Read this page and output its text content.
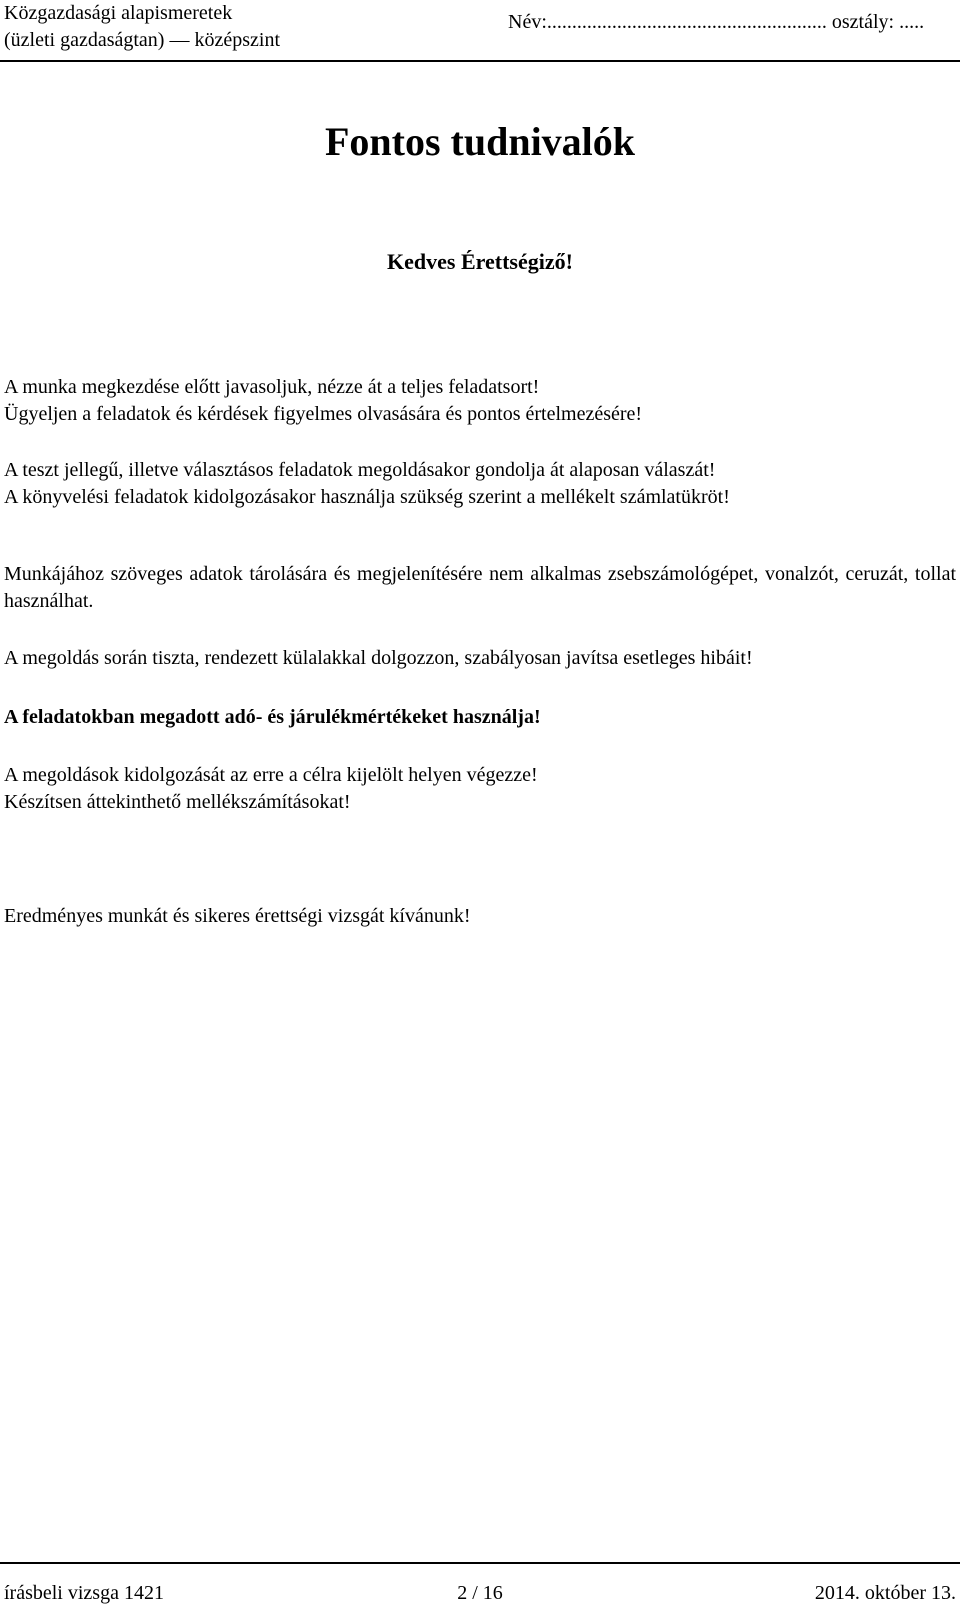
Közgazdasági alapismeretek
(üzleti gazdaságtan) — középszint
Név:........................................................ osztály: .....
Fontos tudnivalók
Kedves Érettségiző!
A munka megkezdése előtt javasoljuk, nézze át a teljes feladatsort!
Ügyeljen a feladatok és kérdések figyelmes olvasására és pontos értelmezésére!
A teszt jellegű, illetve választásos feladatok megoldásakor gondolja át alaposan válaszát!
A könyvelési feladatok kidolgozásakor használja szükség szerint a mellékelt számlatükröt!
Munkájához szöveges adatok tárolására és megjelenítésére nem alkalmas zsebszámológépet, vonalzót, ceruzát, tollat használhat.
A megoldás során tiszta, rendezett külalakkal dolgozzon, szabályosan javítsa esetleges hibáit!
A feladatokban megadott adó- és járulékmértékeket használja!
A megoldások kidolgozását az erre a célra kijelölt helyen végezze!
Készítsen áttekinthető mellékszámításokat!
Eredményes munkát és sikeres érettségi vizsgát kívánunk!
írásbeli vizsga 1421	2 / 16	2014. október 13.
